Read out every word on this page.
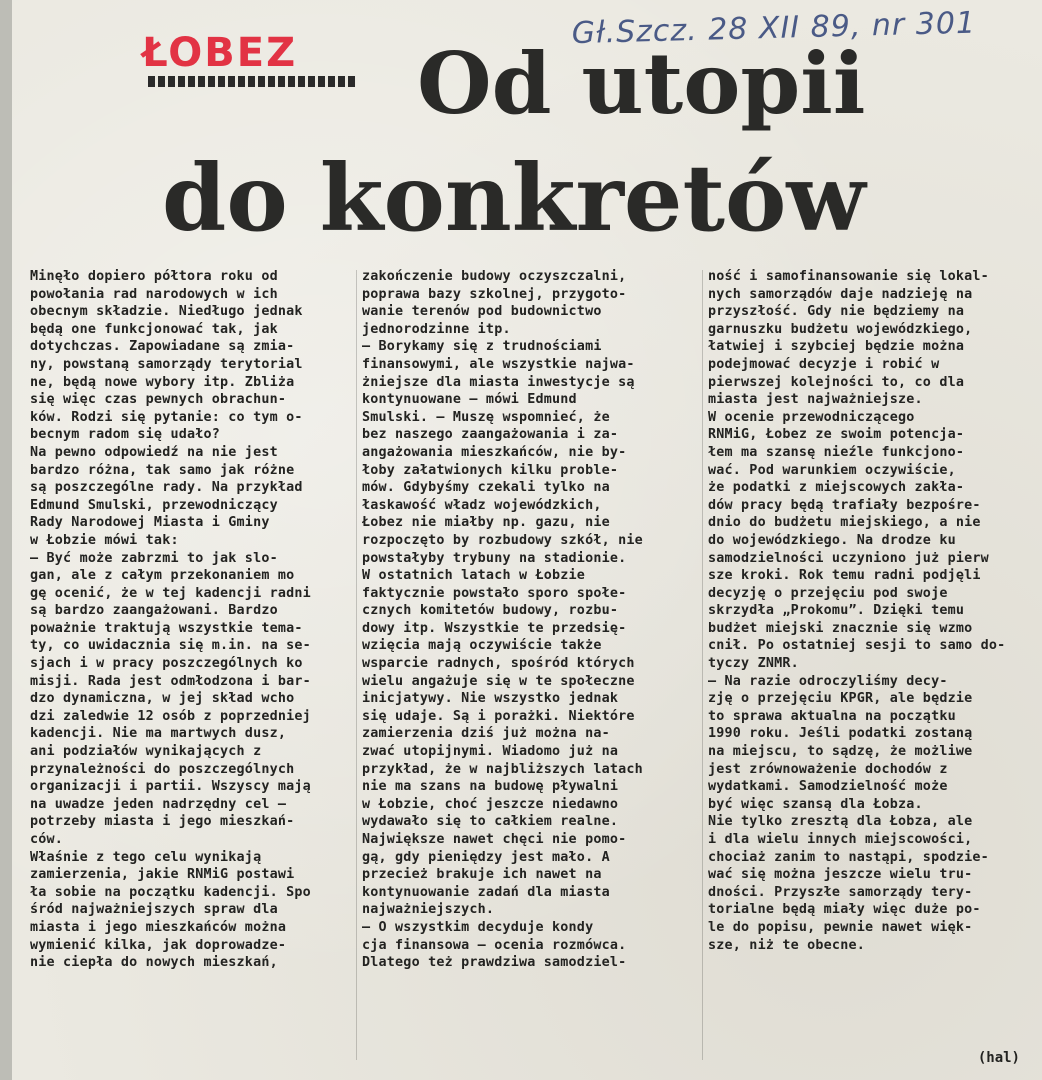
Gł.Szcz. 28 XII 89, nr 301
ŁOBEZ	Od utopii
do konkretów

Minęło dopiero półtora roku od

powołania rad narodowych w ich

obecnym składzie. Niedługo jednak

będą one funkcjonować tak, jak

dotychczas. Zapowiadane są zmia-

ny, powstaną samorządy terytorial

ne, będą nowe wybory itp. Zbliża

się więc czas pewnych obrachun-

ków. Rodzi się pytanie: co tym o-

becnym radom się udało?

Na pewno odpowiedź na nie jest

bardzo różna, tak samo jak różne

są poszczególne rady. Na przykład

Edmund Smulski, przewodniczący

Rady Narodowej Miasta i Gminy

w Łobzie mówi tak:

— Być może zabrzmi to jak slo-

gan, ale z całym przekonaniem mo

gę ocenić, że w tej kadencji radni

są bardzo zaangażowani. Bardzo

poważnie traktują wszystkie tema-

ty, co uwidacznia się m.in. na se-

sjach i w pracy poszczególnych ko

misji. Rada jest odmłodzona i bar-

dzo dynamiczna, w jej skład wcho

dzi zaledwie 12 osób z poprzedniej

kadencji. Nie ma martwych dusz,

ani podziałów wynikających z

przynależności do poszczególnych

organizacji i partii. Wszyscy mają

na uwadze jeden nadrzędny cel —

potrzeby miasta i jego mieszkań-

ców.

Właśnie z tego celu wynikają

zamierzenia, jakie RNMiG postawi

ła sobie na początku kadencji. Spo

śród najważniejszych spraw dla

miasta i jego mieszkańców można

wymienić kilka, jak doprowadze-

nie ciepła do nowych mieszkań,

zakończenie budowy oczyszczalni,

poprawa bazy szkolnej, przygoto-

wanie terenów pod budownictwo

jednorodzinne itp.

— Borykamy się z trudnościami

finansowymi, ale wszystkie najwa-

żniejsze dla miasta inwestycje są

kontynuowane — mówi Edmund

Smulski. — Muszę wspomnieć, że

bez naszego zaangażowania i za-

angażowania mieszkańców, nie by-

łoby załatwionych kilku proble-

mów. Gdybyśmy czekali tylko na

łaskawość władz wojewódzkich,

Łobez nie miałby np. gazu, nie

rozpoczęto by rozbudowy szkół, nie

powstałyby trybuny na stadionie.

W ostatnich latach w Łobzie

faktycznie powstało sporo społe-

cznych komitetów budowy, rozbu-

dowy itp. Wszystkie te przedsię-

wzięcia mają oczywiście także

wsparcie radnych, spośród których

wielu angażuje się w te społeczne

inicjatywy. Nie wszystko jednak

się udaje. Są i porażki. Niektóre

zamierzenia dziś już można na-

zwać utopijnymi. Wiadomo już na

przykład, że w najbliższych latach

nie ma szans na budowę pływalni

w Łobzie, choć jeszcze niedawno

wydawało się to całkiem realne.

Największe nawet chęci nie pomo-

gą, gdy pieniędzy jest mało. A

przecież brakuje ich nawet na

kontynuowanie zadań dla miasta

najważniejszych.

— O wszystkim decyduje kondy

cja finansowa — ocenia rozmówca.

Dlatego też prawdziwa samodziel-

ność i samofinansowanie się lokal-

nych samorządów daje nadzieję na

przyszłość. Gdy nie będziemy na

garnuszku budżetu wojewódzkiego,

łatwiej i szybciej będzie można

podejmować decyzje i robić w

pierwszej kolejności to, co dla

miasta jest najważniejsze.

W ocenie przewodniczącego

RNMiG, Łobez ze swoim potencja-

łem ma szansę nieźle funkcjono-

wać. Pod warunkiem oczywiście,

że podatki z miejscowych zakła-

dów pracy będą trafiały bezpośre-

dnio do budżetu miejskiego, a nie

do wojewódzkiego. Na drodze ku

samodzielności uczyniono już pierw

sze kroki. Rok temu radni podjęli

decyzję o przejęciu pod swoje

skrzydła „Prokomu”. Dzięki temu

budżet miejski znacznie się wzmo

cnił. Po ostatniej sesji to samo do-

tyczy ZNMR.

— Na razie odroczyliśmy decy-

zję o przejęciu KPGR, ale będzie

to sprawa aktualna na początku

1990 roku. Jeśli podatki zostaną

na miejscu, to sądzę, że możliwe

jest zrównoważenie dochodów z

wydatkami. Samodzielność może

być więc szansą dla Łobza.

Nie tylko zresztą dla Łobza, ale

i dla wielu innych miejscowości,

chociaż zanim to nastąpi, spodzie-

wać się można jeszcze wielu tru-

dności. Przyszłe samorządy tery-

torialne będą miały więc duże po-

le do popisu, pewnie nawet więk-

sze, niż te obecne.

(hal)
